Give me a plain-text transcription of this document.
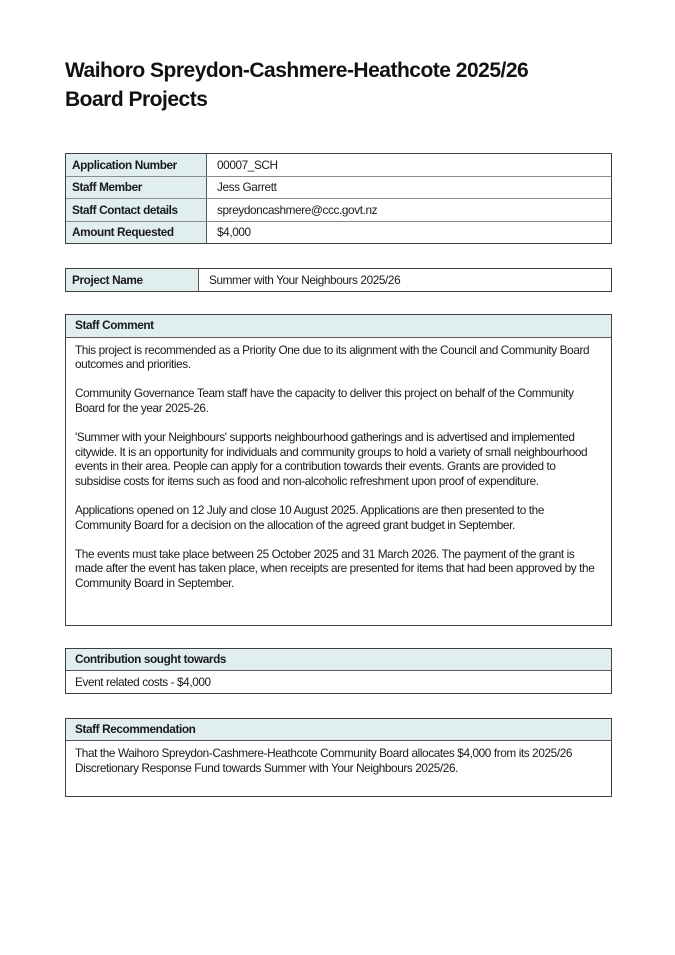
Waihoro Spreydon-Cashmere-Heathcote 2025/26 Board Projects
Application Number	00007_SCH
Staff Member	Jess Garrett
Staff Contact details	spreydoncashmere@ccc.govt.nz
Amount Requested	$4,000
Project Name	Summer with Your Neighbours 2025/26
Staff Comment

This project is recommended as a Priority One due to its alignment with the Council and Community Board outcomes and priorities.

Community Governance Team staff have the capacity to deliver this project on behalf of the Community Board for the year 2025-26.

'Summer with your Neighbours' supports neighbourhood gatherings and is advertised and implemented citywide. It is an opportunity for individuals and community groups to hold a variety of small neighbourhood events in their area. People can apply for a contribution towards their events. Grants are provided to subsidise costs for items such as food and non-alcoholic refreshment upon proof of expenditure.

Applications opened on 12 July and close 10 August 2025. Applications are then presented to the Community Board for a decision on the allocation of the agreed grant budget in September.

The events must take place between 25 October 2025 and 31 March 2026. The payment of the grant is made after the event has taken place, when receipts are presented for items that had been approved by the Community Board in September.

Contribution sought towards
Event related costs - $4,000
Staff Recommendation

That the Waihoro Spreydon-Cashmere-Heathcote Community Board allocates $4,000 from its 2025/26 Discretionary Response Fund towards Summer with Your Neighbours 2025/26.
